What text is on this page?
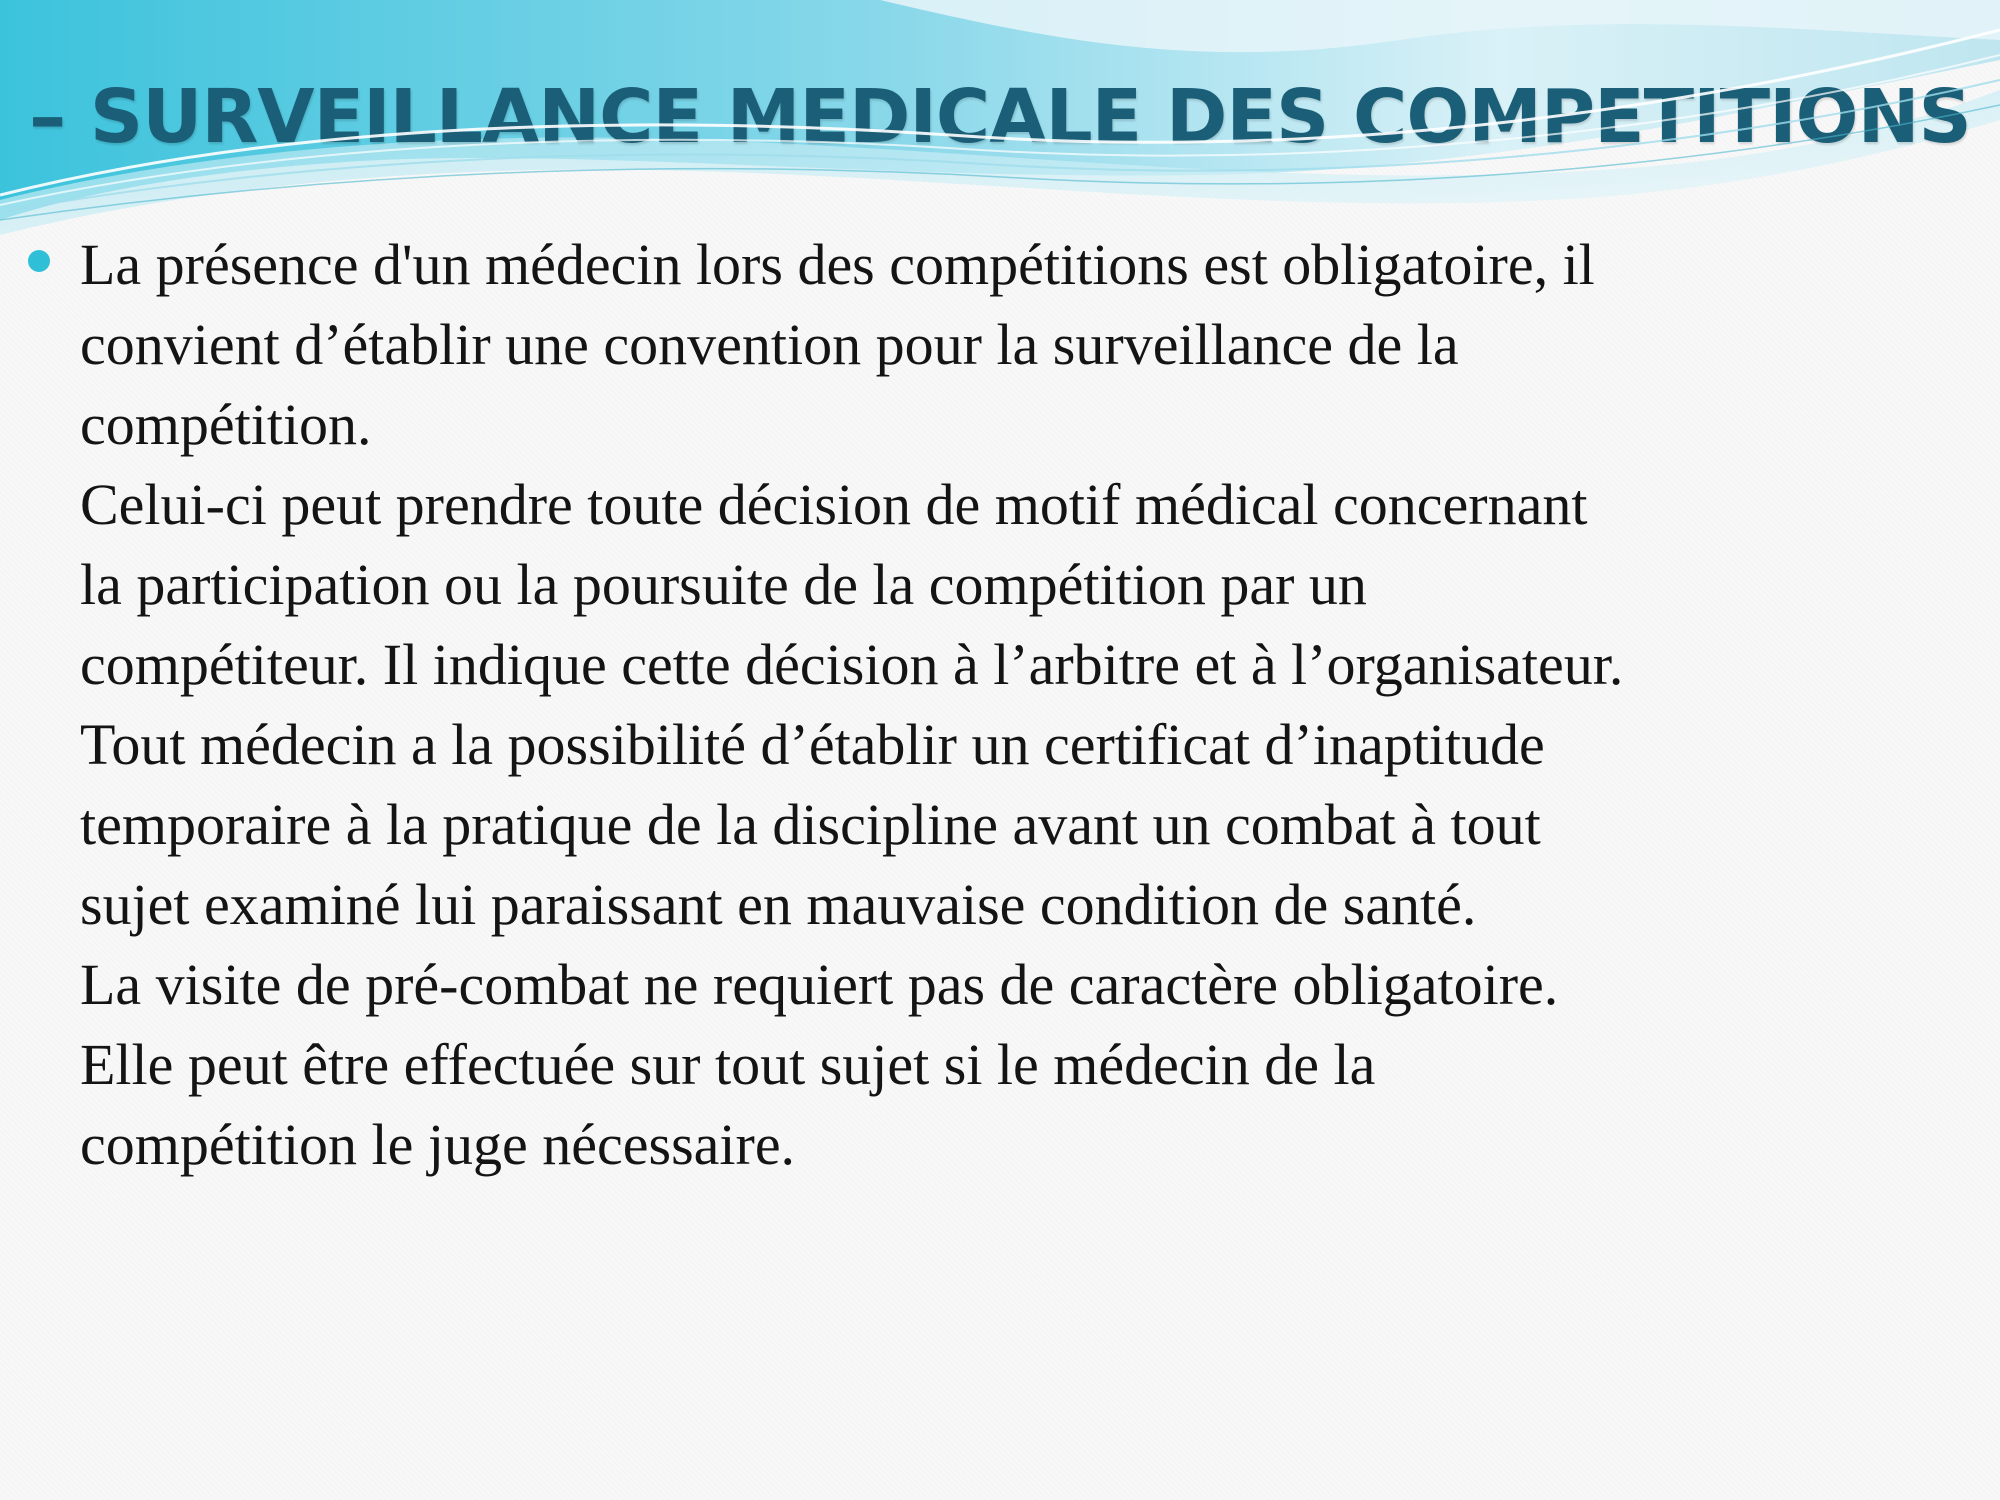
– SURVEILLANCE MEDICALE DES COMPETITIONS
La présence d'un médecin lors des compétitions est obligatoire, il
convient d’établir une convention pour la surveillance de la
compétition.
Celui-ci peut prendre toute décision de motif médical concernant
la participation ou la poursuite de la compétition par un
compétiteur. Il indique cette décision à l’arbitre et à l’organisateur.
Tout médecin a la possibilité d’établir un certificat d’inaptitude
temporaire à la pratique de la discipline avant un combat à tout
sujet examiné lui paraissant en mauvaise condition de santé.
La visite de pré-combat ne requiert pas de caractère obligatoire.
Elle peut être effectuée sur tout sujet si le médecin de la
compétition le juge nécessaire.
